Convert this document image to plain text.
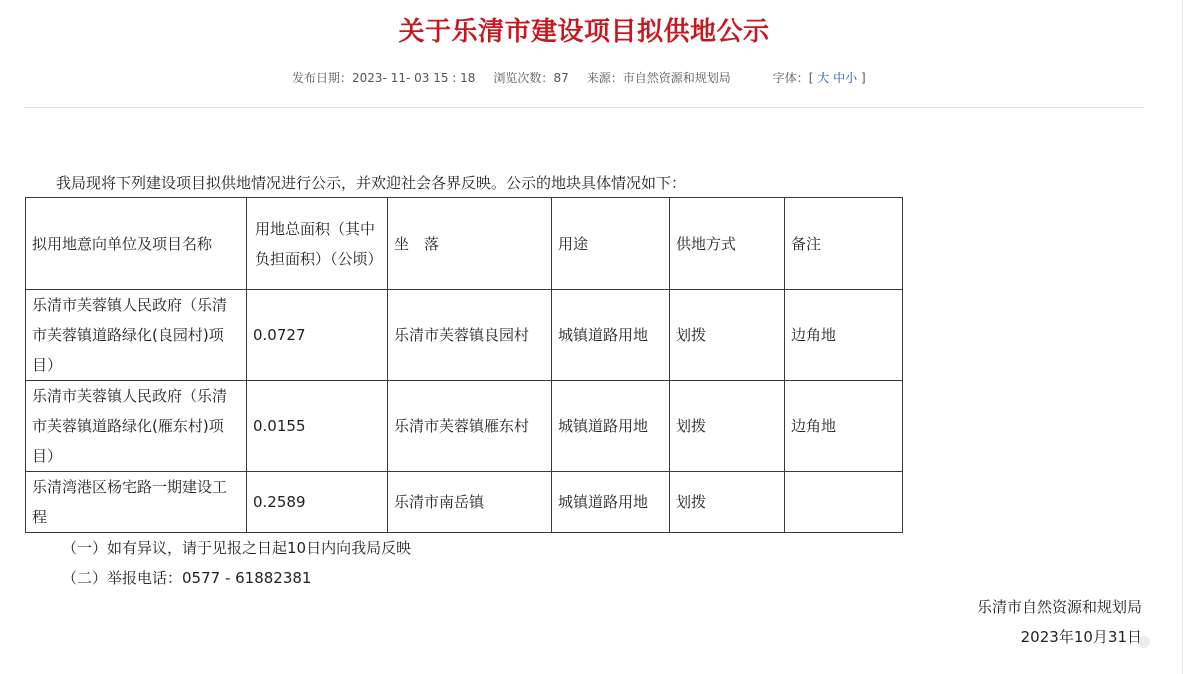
关于乐清市建设项目拟供地公示
发布日期：2023- 11- 03 15 : 18 浏览次数：87 来源：市自然资源和规划局	字体：[ 大 中小 ]

我局现将下列建设项目拟供地情况进行公示，并欢迎社会各界反映。公示的地块具体情况如下：

拟用地意向单位及项目名称	用地总面积（其中负担面积）（公顷）	坐　落	用途	供地方式	备注
乐清市芙蓉镇人民政府（乐清市芙蓉镇道路绿化(良园村)项目）	0.0727	乐清市芙蓉镇良园村	城镇道路用地	划拨	边角地
乐清市芙蓉镇人民政府（乐清市芙蓉镇道路绿化(雁东村)项目）	0.0155	乐清市芙蓉镇雁东村	城镇道路用地	划拨	边角地
乐清湾港区杨宅路一期建设工程	0.2589	乐清市南岳镇	城镇道路用地	划拨	

（一）如有异议，请于见报之日起10日内向我局反映

（二）举报电话：0577 - 61882381

乐清市自然资源和规划局

2023年10月31日
